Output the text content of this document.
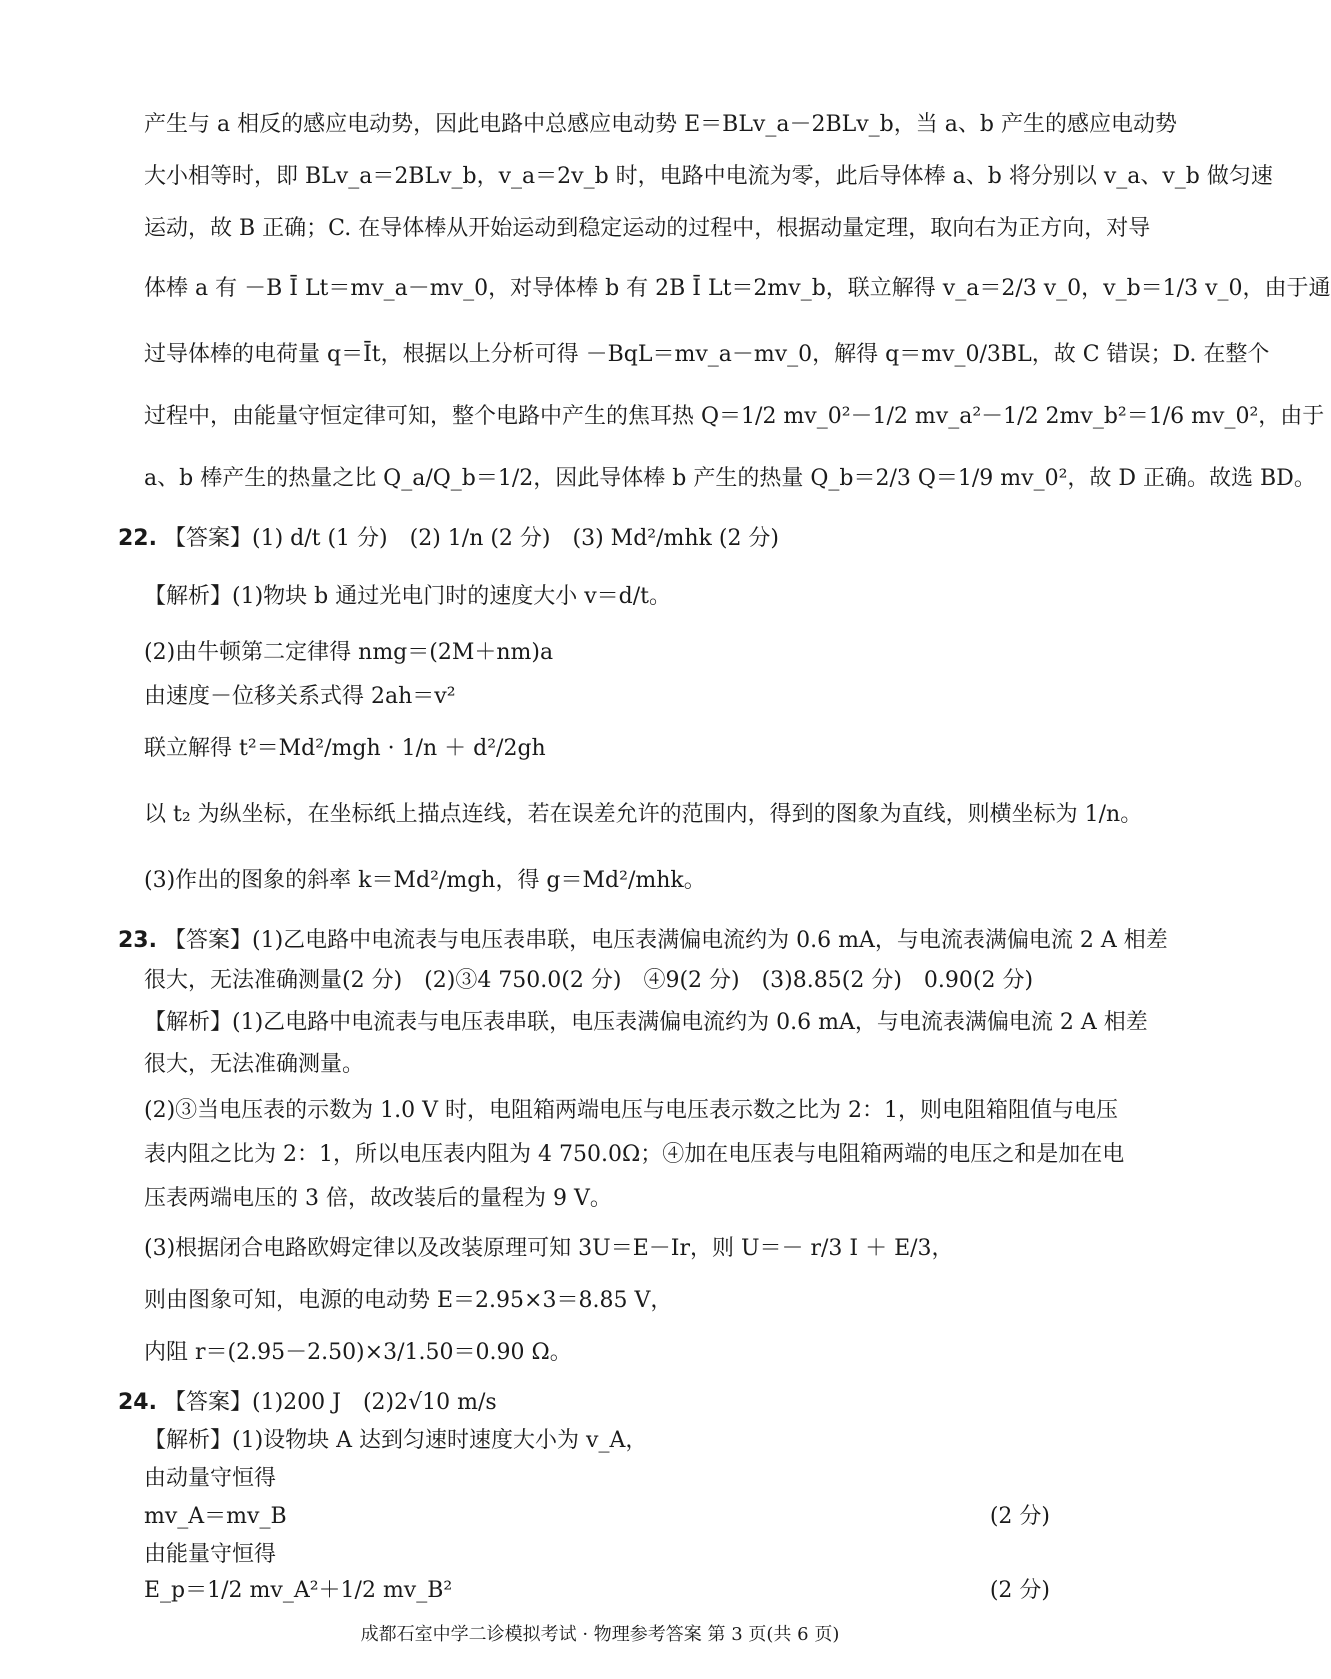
产生与 a 相反的感应电动势，因此电路中总感应电动势 E＝BLv_a－2BLv_b，当 a、b 产生的感应电动势
大小相等时，即 BLv_a＝2BLv_b，v_a＝2v_b 时，电路中电流为零，此后导体棒 a、b 将分别以 v_a、v_b 做匀速
运动，故 B 正确；C. 在导体棒从开始运动到稳定运动的过程中，根据动量定理，取向右为正方向，对导
体棒 a 有 －B Ī Lt＝mv_a－mv_0，对导体棒 b 有 2B Ī Lt＝2mv_b，联立解得 v_a＝2/3 v_0，v_b＝1/3 v_0，由于通
过导体棒的电荷量 q＝Īt，根据以上分析可得 －BqL＝mv_a－mv_0，解得 q＝mv_0/3BL，故 C 错误；D. 在整个
过程中，由能量守恒定律可知，整个电路中产生的焦耳热 Q＝1/2 mv_0²－1/2 mv_a²－1/2 2mv_b²＝1/6 mv_0²，由于
a、b 棒产生的热量之比 Q_a/Q_b＝1/2，因此导体棒 b 产生的热量 Q_b＝2/3 Q＝1/9 mv_0²，故 D 正确。故选 BD。
22. 【答案】(1) d/t (1 分)　(2) 1/n (2 分)　(3) Md²/mhk (2 分)
【解析】(1)物块 b 通过光电门时的速度大小 v＝d/t。
(2)由牛顿第二定律得 nmg＝(2M＋nm)a
由速度－位移关系式得 2ah＝v²
联立解得 t²＝Md²/mgh · 1/n ＋ d²/2gh
以 t₂ 为纵坐标，在坐标纸上描点连线，若在误差允许的范围内，得到的图象为直线，则横坐标为 1/n。
(3)作出的图象的斜率 k＝Md²/mgh，得 g＝Md²/mhk。
23. 【答案】(1)乙电路中电流表与电压表串联，电压表满偏电流约为 0.6 mA，与电流表满偏电流 2 A 相差
很大，无法准确测量(2 分)　(2)③4 750.0(2 分)　④9(2 分)　(3)8.85(2 分)　0.90(2 分)
【解析】(1)乙电路中电流表与电压表串联，电压表满偏电流约为 0.6 mA，与电流表满偏电流 2 A 相差
很大，无法准确测量。
(2)③当电压表的示数为 1.0 V 时，电阻箱两端电压与电压表示数之比为 2：1，则电阻箱阻值与电压
表内阻之比为 2：1，所以电压表内阻为 4 750.0Ω；④加在电压表与电阻箱两端的电压之和是加在电
压表两端电压的 3 倍，故改装后的量程为 9 V。
(3)根据闭合电路欧姆定律以及改装原理可知 3U＝E－Ir，则 U＝－ r/3 I ＋ E/3，
则由图象可知，电源的电动势 E＝2.95×3＝8.85 V，
内阻 r＝(2.95－2.50)×3/1.50＝0.90 Ω。
24. 【答案】(1)200 J　(2)2√10 m/s
【解析】(1)设物块 A 达到匀速时速度大小为 v_A，
由动量守恒得
mv_A＝mv_B	(2 分)
由能量守恒得
成都石室中学二诊模拟考试 · 物理参考答案 第 3 页(共 6 页)
E_p＝1/2 mv_A²＋1/2 mv_B²	(2 分)
